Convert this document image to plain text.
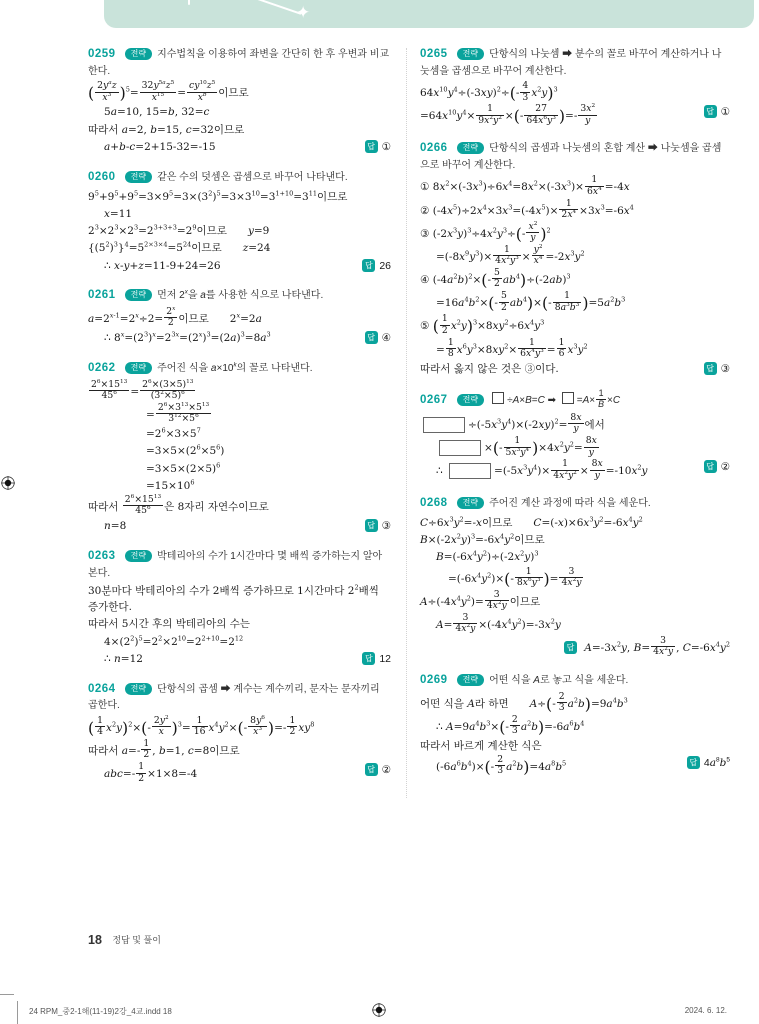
✦

0259 전략 지수법칙을 이용하여 좌변을 간단히 한 후 우변과 비교한다.

( $2y^az$
$x^3$ )$^5= \frac{32y^{5a}z^5}{x^{15}} = \frac{cy^{10}z^5}{x^b}$ 이므로

5a=10, 15=b, 32=c

따라서 a=2, b=15, c=32이므로

답 ①
a+b-c=2+15-32=-15

0260 전략 같은 수의 덧셈은 곱셈으로 바꾸어 나타낸다.

$9^5+9^5+9^5=3\times 9^5=3\times(3^2)^5=3\times 3^{10}=3^{1+10}=3^{11}$이므로

x=11

$2^3\times 2^3\times 2^3=2^{3+3+3}=2^9$이므로  y=9

$\{(5^2)^3\}^4=5^{2\times 3\times 4}=5^{24}$이므로  z=24

답 26
∴ x-y+z=11-9+24=26

0261 전략 먼저 2$^x$을 a를 사용한 식으로 나타낸다.

$a=2^{x-1}=2^x\div 2= \frac{2^x}{2}$ 이므로  $2^x=2a$

답 ④
∴ $8^x=(2^3)^x=2^{3x}=(2^x)^3=(2a)^3=8a^3$

0262 전략 주어진 식을 $a\times 10^k$의 꼴로 나타낸다.

$\frac{2^6\times 15^{13}}{45^6} = \frac{2^6\times(3\times 5)^{13}}{(3^2\times 5)^6}$

= $\frac{2^6\times 3^{13}\times 5^{13}}{3^{12}\times 5^6}$

$=2^6\times 3\times 5^7$

$=3\times 5\times(2^6\times 5^6)$

$=3\times 5\times(2\times 5)^6$

$=15\times 10^6$

따라서 $\frac{2^6\times 15^{13}}{45^6}$ 은 8자리 자연수이므로

답 ③
n=8

0263 전략 박테리아의 수가 1시간마다 몇 배씩 증가하는지 알아본다.

30분마다 박테리아의 수가 2배씩 증가하므로 1시간마다 $2^2$배씩 증가한다.

따라서 5시간 후의 박테리아의 수는

$4\times(2^2)^5=2^2\times 2^{10}=2^{2+10}=2^{12}$

답 12
∴ n=12

0264 전략 단항식의 곱셈 ➡ 계수는 계수끼리, 문자는 문자끼리 곱한다.

( $\frac{1}{4} x^2y)^2\times(- \frac{2y^2}{x} )^3= \frac{1}{16} x^4y^2\times(- \frac{8y^6}{x^3}$ )=- $\frac{1}{2} xy^8$

따라서 $a=- \frac{1}{2}$ , b=1, c=8이므로

답 ②
$abc=- \frac{1}{2} \times 1\times 8=-4$

0265 전략 단항식의 나눗셈 ➡ 분수의 꼴로 바꾸어 계산하거나 나눗셈을 곱셈으로 바꾸어 계산한다.

$64x^{10}y^4\div(-3xy)^2\div(- \frac{4}{3} x^2y)^3$

답 ①
$=64x^{10}y^4\times \frac{1}{9x^2y^2}$ ×(- $\frac{27}{64x^6y^3}$ )=- $\frac{3x^2}{y}$

0266 전략 단항식의 곱셈과 나눗셈의 혼합 계산 ➡ 나눗셈을 곱셈으로 바꾸어 계산한다.

① $8x^2\times(-3x^3)\div 6x^4=8x^2\times(-3x^3)\times \frac{1}{6x^4} =-4x$

② $(-4x^5)\div 2x^4\times 3x^3=(-4x^5)\times \frac{1}{2x^4} \times 3x^3=-6x^4$

③ $(-2x^3y)^3\div 4x^2y^3\div(- \frac{x^2}{y} )^2$

$=(-8x^9y^3)\times \frac{1}{4x^2y^3} \times \frac{y^2}{x^4} =-2x^3y^2$

④ $(-4a^2b)^2\times(- \frac{5}{2} ab^4)\div(-2ab)^3$

$=16a^4b^2\times(- \frac{5}{2} ab^4)\times(- \frac{1}{8a^3b^3} )=5a^2b^3$

⑤ ( $\frac{1}{2} x^2y)^3\times 8xy^2\div 6x^4y^3$

= $\frac{1}{8} x^6y^3\times 8xy^2\times \frac{1}{6x^4y^3} = \frac{1}{6} x^3y^2$

답 ③
따라서 옳지 않은 것은 ③이다.

0267 전략	÷A×B=C ➡ $=A\times \frac{1}{B} \times C$

$\div(-5x^3y^4)\times(-2xy)^2= \frac{8x}{y}$ 에서

×(- $\frac{1}{5x^3y^4} )\times 4x^2y^2= \frac{8x}{y}$

답 ②
∴	$=(-5x^3y^4)\times \frac{1}{4x^2y^2} \times \frac{8x}{y} =-10x^2y$

0268 전략 주어진 계산 과정에 따라 식을 세운다.

$C\div 6x^3y^2=-x$이므로  $C=(-x)\times 6x^3y^2=-6x^4y^2$

$B\times(-2x^2y)^3=-6x^4y^2$이므로

$B=(-6x^4y^2)\div(-2x^2y)^3$

$=(-6x^4y^2)\times(- \frac{1}{8x^6y^3}$ )= $\frac{3}{4x^2y}$

$A\div(-4x^4y^2)= \frac{3}{4x^2y}$ 이므로

$A= \frac{3}{4x^2y} \times(-4x^4y^2)=-3x^2y$

답 $A=-3x^2y$, $B= \frac{3}{4x^2y}$ , $C=-6x^4y^2$

0269 전략 어떤 식을 A로 놓고 식을 세운다.

어떤 식을 A라 하면  $A\div(- \frac{2}{3} a^2b)=9a^4b^3$

∴ $A=9a^4b^3\times(- \frac{2}{3} a^2b)=-6a^6b^4$

따라서 바르게 계산한 식은

답 $4a^8b^5$
$(-6a^6b^4)\times(- \frac{2}{3} a^2b)=4a^8b^5$

18 정답 및 풀이
24 RPM_중2-1해(11-19)2강_4교.indd 18	2024. 6. 12.
